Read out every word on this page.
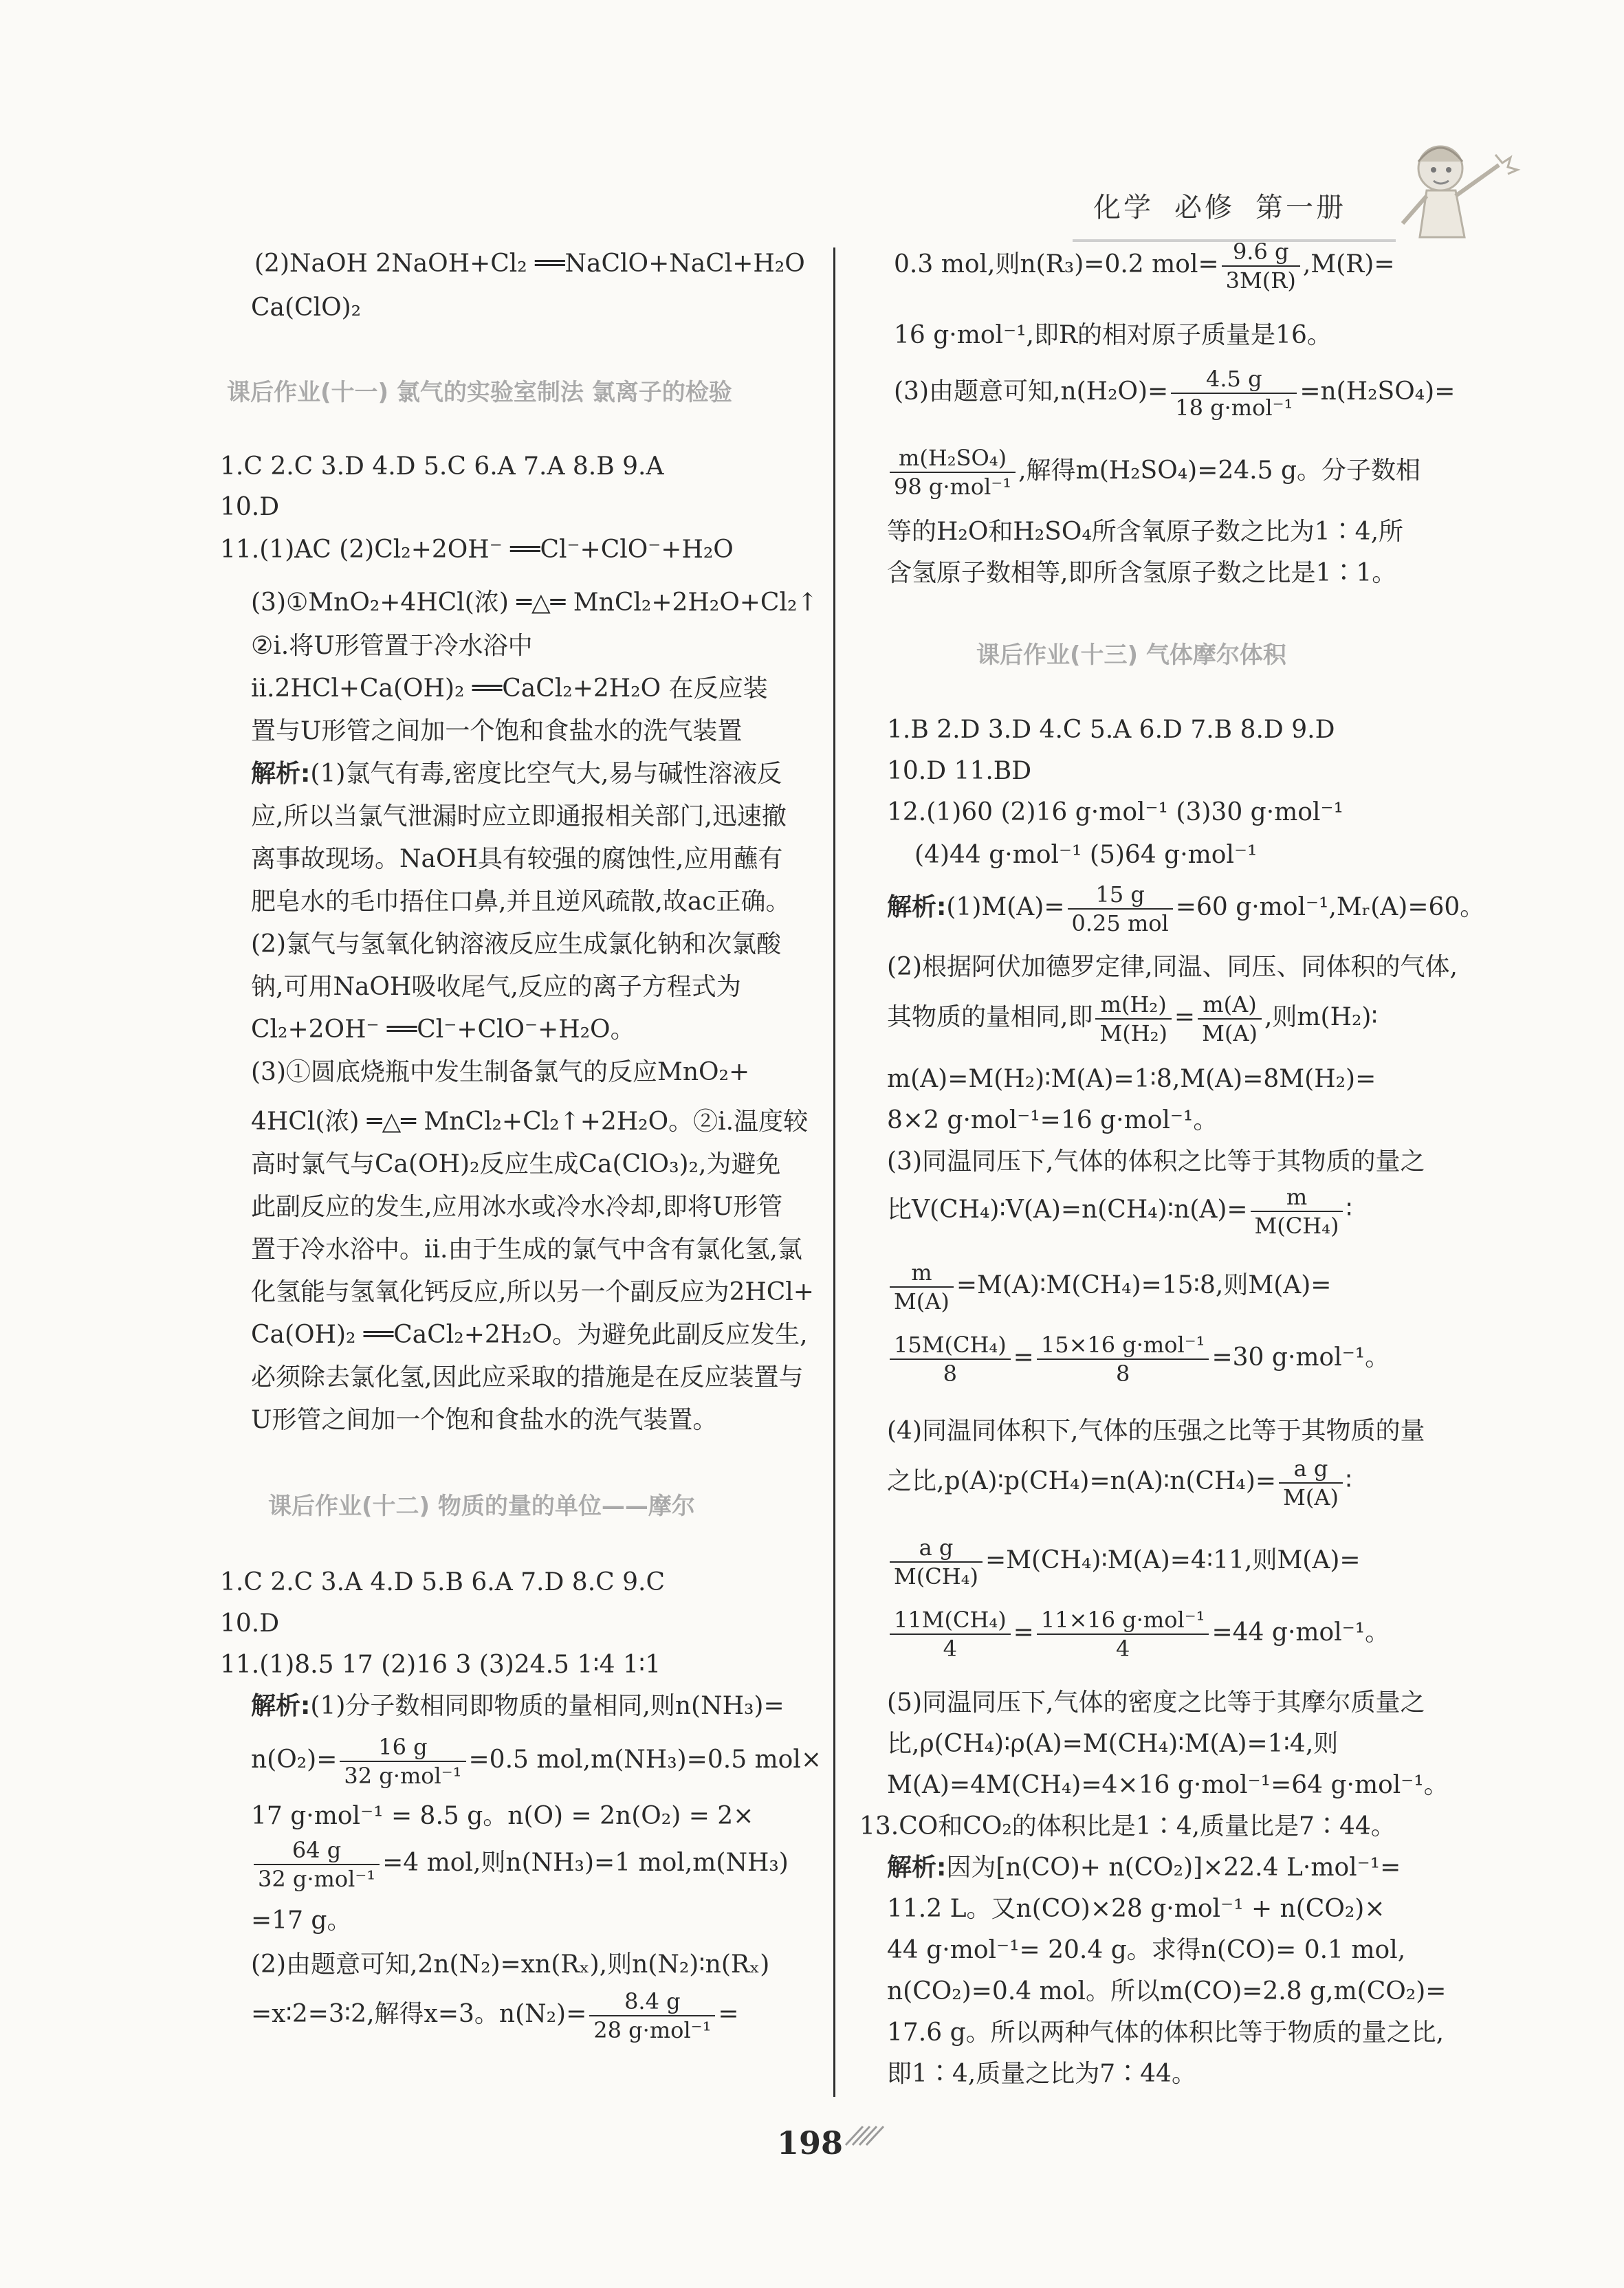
化学 必修 第一册
(2)NaOH 2NaOH+Cl₂ ══NaClO+NaCl+H₂O
Ca(ClO)₂
课后作业(十一) 氯气的实验室制法 氯离子的检验
1.C 2.C 3.D 4.D 5.C 6.A 7.A 8.B 9.A
10.D
11.(1)AC (2)Cl₂+2OH⁻ ══Cl⁻+ClO⁻+H₂O
(3)①MnO₂+4HCl(浓) ═△═ MnCl₂+2H₂O+Cl₂↑
②ⅰ.将U形管置于冷水浴中
ⅱ.2HCl+Ca(OH)₂ ══CaCl₂+2H₂O 在反应装
置与U形管之间加一个饱和食盐水的洗气装置
解析:(1)氯气有毒,密度比空气大,易与碱性溶液反
应,所以当氯气泄漏时应立即通报相关部门,迅速撤
离事故现场。NaOH具有较强的腐蚀性,应用蘸有
肥皂水的毛巾捂住口鼻,并且逆风疏散,故ac正确。
(2)氯气与氢氧化钠溶液反应生成氯化钠和次氯酸
钠,可用NaOH吸收尾气,反应的离子方程式为
Cl₂+2OH⁻ ══Cl⁻+ClO⁻+H₂O。
(3)①圆底烧瓶中发生制备氯气的反应MnO₂+
4HCl(浓) ═△═ MnCl₂+Cl₂↑+2H₂O。②ⅰ.温度较
高时氯气与Ca(OH)₂反应生成Ca(ClO₃)₂,为避免
此副反应的发生,应用冰水或冷水冷却,即将U形管
置于冷水浴中。ⅱ.由于生成的氯气中含有氯化氢,氯
化氢能与氢氧化钙反应,所以另一个副反应为2HCl+
Ca(OH)₂ ══CaCl₂+2H₂O。为避免此副反应发生,
必须除去氯化氢,因此应采取的措施是在反应装置与
U形管之间加一个饱和食盐水的洗气装置。
课后作业(十二) 物质的量的单位——摩尔
1.C 2.C 3.A 4.D 5.B 6.A 7.D 8.C 9.C
10.D
11.(1)8.5 17 (2)16 3 (3)24.5 1∶4 1∶1
解析:(1)分子数相同即物质的量相同,则n(NH₃)=
$n(O_2)= \frac{16 g}{\text{32 g·mol⁻¹}} =0.5$ mol,m(NH₃)=0.5 mol×
17 g·mol⁻¹ = 8.5 g。n(O) = 2n(O₂) = 2×
$\frac{64 g}{\text{32 g·mol⁻¹}} =4$ mol,则n(NH₃)=1 mol,m(NH₃)
=17 g。
(2)由题意可知,2n(N₂)=xn(Rₓ),则n(N₂)∶n(Rₓ)
=x∶2=3∶2,解得x=3。$n(N_2)= \frac{8.4 g}{\text{28 g·mol⁻¹}}$ =
0.3 mol,则n(R₃)=0.2 $mol= \frac{9.6 g}{3M(R)} ,M(R)=$
16 g·mol⁻¹,即R的相对原子质量是16。
(3)由题意可知$,n(H_2O)= \frac{4.5 g}{\text{18 g·mol⁻¹}} =n(H_2SO_4)=$
$\frac{\text{m(H₂SO₄)}}{\text{98 g·mol⁻¹}}$ ,解得m(H₂SO₄)=24.5 g。分子数相
等的H₂O和H₂SO₄所含氧原子数之比为1∶4,所
含氢原子数相等,即所含氢原子数之比是1∶1。
课后作业(十三) 气体摩尔体积
1.B 2.D 3.D 4.C 5.A 6.D 7.B 8.D 9.D
10.D 11.BD
12.(1)60 (2)16 g·mol⁻¹ (3)30 g·mol⁻¹
(4)44 g·mol⁻¹ (5)64 g·mol⁻¹
解析:(1)M(A)= $\frac{15 g}{\text{0.25 mol}} =60$ g·mol⁻¹,Mᵣ(A)=60。
(2)根据阿伏加德罗定律,同温、同压、同体积的气体,
其物质的量相同,即 $\frac{\text{m(H₂)}}{\text{M(H₂)}} = \frac{m(A)}{M(A)}$ ,则m(H₂)∶
m(A)=M(H₂)∶M(A)=1∶8,M(A)=8M(H₂)=
8×2 g·mol⁻¹=16 g·mol⁻¹。
(3)同温同压下,气体的体积之比等于其物质的量之
比V(CH₄)∶V(A)=n(CH₄)∶n(A)= $\frac{m}{\text{M(CH₄)}}$ ∶
$\frac{m}{M(A)}$ =M(A)∶M(CH₄)=15∶8,则M(A)=
$\frac{\text{15M(CH₄)}}{8} = \frac{\text{15×16 g·mol⁻¹}}{8} =30$ g·mol⁻¹。
(4)同温同体积下,气体的压强之比等于其物质的量
之比,p(A)∶p(CH₄)=n(A)∶n(CH₄)= $\frac{\text{a g}}{M(A)}$ ∶
$\frac{\text{a g}}{\text{M(CH₄)}}$ =M(CH₄)∶M(A)=4∶11,则M(A)=
$\frac{\text{11M(CH₄)}}{4} = \frac{\text{11×16 g·mol⁻¹}}{4} =44$ g·mol⁻¹。
(5)同温同压下,气体的密度之比等于其摩尔质量之
比,ρ(CH₄)∶ρ(A)=M(CH₄)∶M(A)=1∶4,则
M(A)=4M(CH₄)=4×16 g·mol⁻¹=64 g·mol⁻¹。
13.CO和CO₂的体积比是1∶4,质量比是7∶44。
解析:因为[n(CO)+ n(CO₂)]×22.4 L·mol⁻¹=
11.2 L。又n(CO)×28 g·mol⁻¹ + n(CO₂)×
44 g·mol⁻¹= 20.4 g。求得n(CO)= 0.1 mol,
n(CO₂)=0.4 mol。所以m(CO)=2.8 g,m(CO₂)=
17.6 g。所以两种气体的体积比等于物质的量之比,
即1∶4,质量之比为7∶44。
198
